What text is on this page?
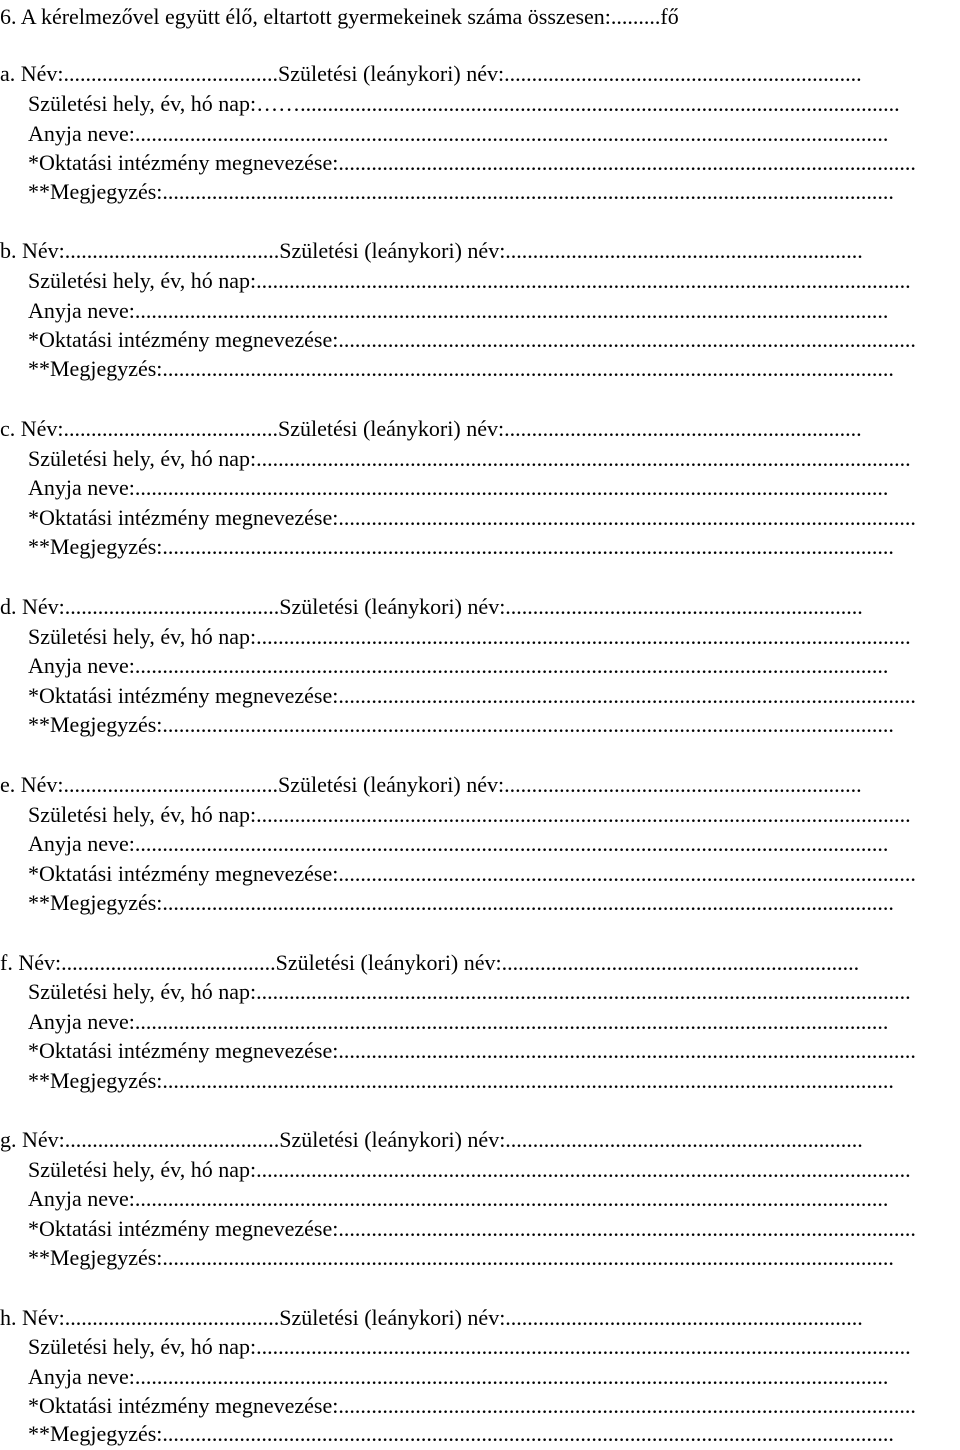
6. A kérelmezővel együtt élő, eltartott gyermekeinek száma összesen:.........fő
a. Név:.......................................Születési (leánykori) név:.................................................................
Születési hely, év, hó nap:…….............................................................................................................
Anyja neve:.........................................................................................................................................
*Oktatási intézmény megnevezése:.........................................................................................................
**Megjegyzés:.....................................................................................................................................
b. Név:.......................................Születési (leánykori) név:.................................................................
Születési hely, év, hó nap:.......................................................................................................................
Anyja neve:.........................................................................................................................................
*Oktatási intézmény megnevezése:.........................................................................................................
**Megjegyzés:.....................................................................................................................................
c. Név:.......................................Születési (leánykori) név:.................................................................
Születési hely, év, hó nap:.......................................................................................................................
Anyja neve:.........................................................................................................................................
*Oktatási intézmény megnevezése:.........................................................................................................
**Megjegyzés:.....................................................................................................................................
d. Név:.......................................Születési (leánykori) név:.................................................................
Születési hely, év, hó nap:.......................................................................................................................
Anyja neve:.........................................................................................................................................
*Oktatási intézmény megnevezése:.........................................................................................................
**Megjegyzés:.....................................................................................................................................
e. Név:.......................................Születési (leánykori) név:.................................................................
Születési hely, év, hó nap:.......................................................................................................................
Anyja neve:.........................................................................................................................................
*Oktatási intézmény megnevezése:.........................................................................................................
**Megjegyzés:.....................................................................................................................................
f. Név:.......................................Születési (leánykori) név:.................................................................
Születési hely, év, hó nap:.......................................................................................................................
Anyja neve:.........................................................................................................................................
*Oktatási intézmény megnevezése:.........................................................................................................
**Megjegyzés:.....................................................................................................................................
g. Név:.......................................Születési (leánykori) név:.................................................................
Születési hely, év, hó nap:.......................................................................................................................
Anyja neve:.........................................................................................................................................
*Oktatási intézmény megnevezése:.........................................................................................................
**Megjegyzés:.....................................................................................................................................
h. Név:.......................................Születési (leánykori) név:.................................................................
Születési hely, év, hó nap:.......................................................................................................................
Anyja neve:.........................................................................................................................................
*Oktatási intézmény megnevezése:.........................................................................................................
**Megjegyzés:.....................................................................................................................................
